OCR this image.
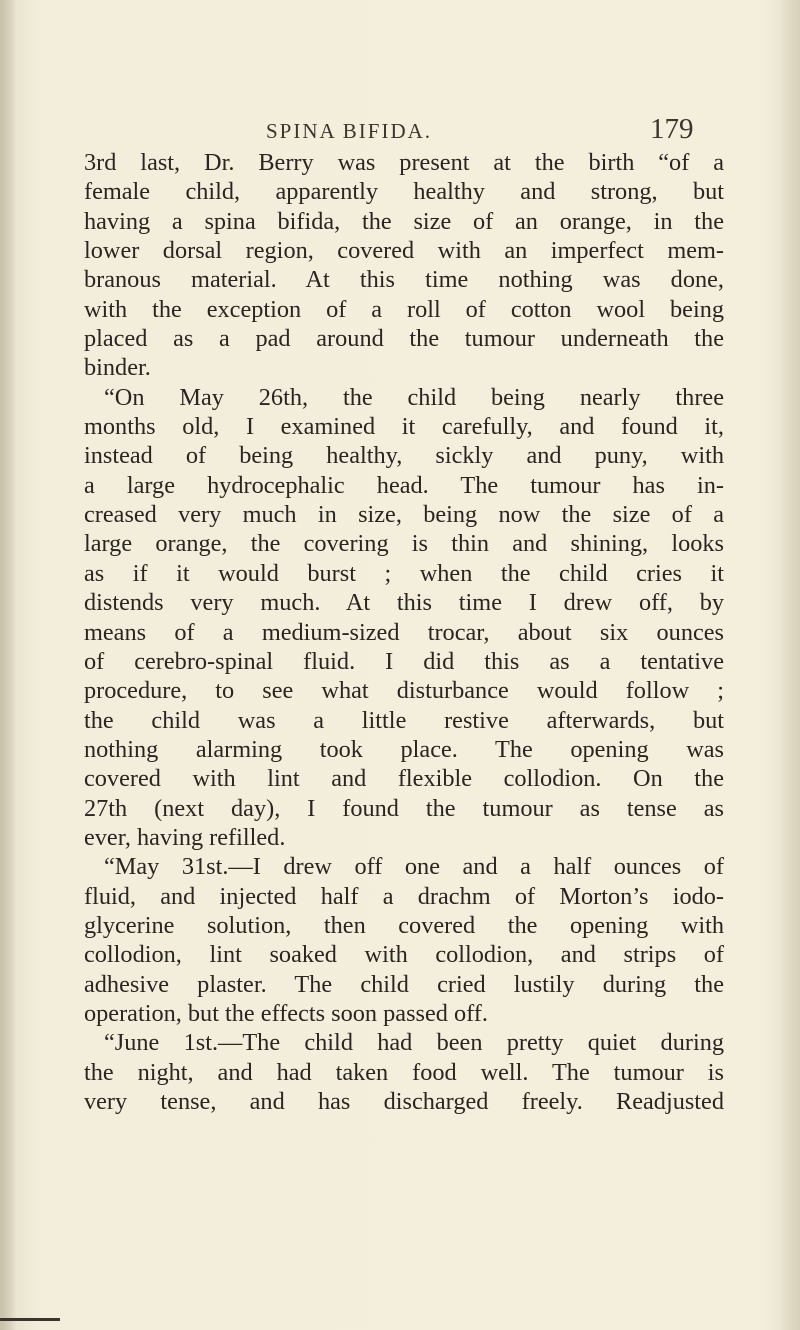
SPINA BIFIDA.	179
3rd last, Dr. Berry was present at the birth “of a
female child, apparently healthy and strong, but
having a spina bifida, the size of an orange, in the
lower dorsal region, covered with an imperfect mem-
branous material. At this time nothing was done,
with the exception of a roll of cotton wool being
placed as a pad around the tumour underneath the
binder.
“On May 26th, the child being nearly three
months old, I examined it carefully, and found it,
instead of being healthy, sickly and puny, with
a large hydrocephalic head. The tumour has in-
creased very much in size, being now the size of a
large orange, the covering is thin and shining, looks
as if it would burst ; when the child cries it
distends very much. At this time I drew off, by
means of a medium-sized trocar, about six ounces
of cerebro-spinal fluid. I did this as a tentative
procedure, to see what disturbance would follow ;
the child was a little restive afterwards, but
nothing alarming took place. The opening was
covered with lint and flexible collodion. On the
27th (next day), I found the tumour as tense as
ever, having refilled.
“May 31st.—I drew off one and a half ounces of
fluid, and injected half a drachm of Morton’s iodo-
glycerine solution, then covered the opening with
collodion, lint soaked with collodion, and strips of
adhesive plaster. The child cried lustily during the
operation, but the effects soon passed off.
“June 1st.—The child had been pretty quiet during
the night, and had taken food well. The tumour is
very tense, and has discharged freely. Readjusted
